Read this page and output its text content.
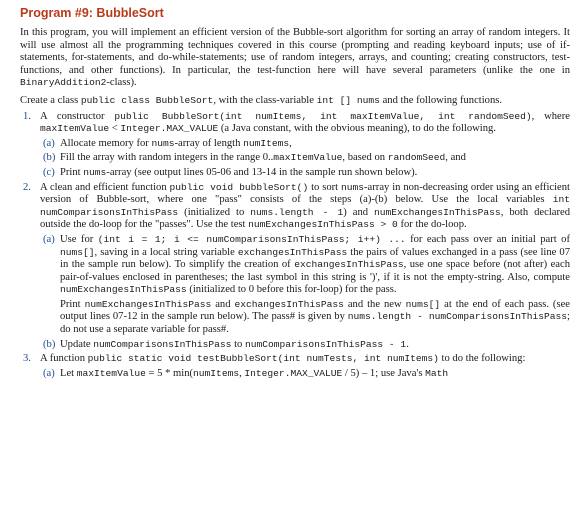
Program #9: BubbleSort

In this program, you will implement an efficient version of the Bubble-sort algorithm for sorting an array of random integers. It will use almost all the programming techniques covered in this course (prompting and reading keyboard inputs; use of if-statements, for-statements, and do-while-statements; use of random integers, arrays, and counting; creating constructors, test-functions, and other functions). In particular, the test-function here will have several parameters (unlike the one in BinaryAddition2-class).

Create a class public class BubbleSort, with the class-variable int [] nums and the following functions.

1. A constructor public BubbleSort(int numItems, int maxItemValue, int randomSeed), where maxItemValue < Integer.MAX_VALUE (a Java constant, with the obvious meaning), to do the following.
(a) Allocate memory for nums-array of length numItems,
(b) Fill the array with random integers in the range 0..maxItemValue, based on randomSeed, and
(c) Print nums-array (see output lines 05-06 and 13-14 in the sample run shown below).
2. A clean and efficient function public void bubbleSort() to sort nums-array in non-decreasing order using an efficient version of Bubble-sort, where one "pass" consists of the steps (a)-(b) below. Use the local variables int numComparisonsInThisPass (initialized to nums.length - 1) and numExchangesInThisPass, both declared outside the do-loop for the "passes". Use the test numExchangesInThisPass > 0 for the do-loop.
(a) Use for (int i = 1; i <= numComparisonsInThisPass; i++) ... for each pass over an initial part of nums[], saving in a local string variable exchangesInThisPass the pairs of values exchanged in a pass (see line 07 in the sample run below). To simplify the creation of exchangesInThisPass, use one space before (not after) each pair-of-values enclosed in parentheses; the last symbol in this string is ')', if it is not the empty-string. Also, compute numExchangesInThisPass (initialized to 0 before this for-loop) for the pass.
Print numExchangesInThisPass and exchangesInThisPass and the new nums[] at the end of each pass. (see output lines 07-12 in the sample run below). The pass# is given by nums.length - numComparisonsInThisPass; do not use a separate variable for pass#.
(b) Update numComparisonsInThisPass to numComparisonsInThisPass - 1.
3. A function public static void testBubbleSort(int numTests, int numItems) to do the following:
(a) Let maxItemValue = 5 * min(numItems, Integer.MAX_VALUE / 5) – 1; use Java's Math
